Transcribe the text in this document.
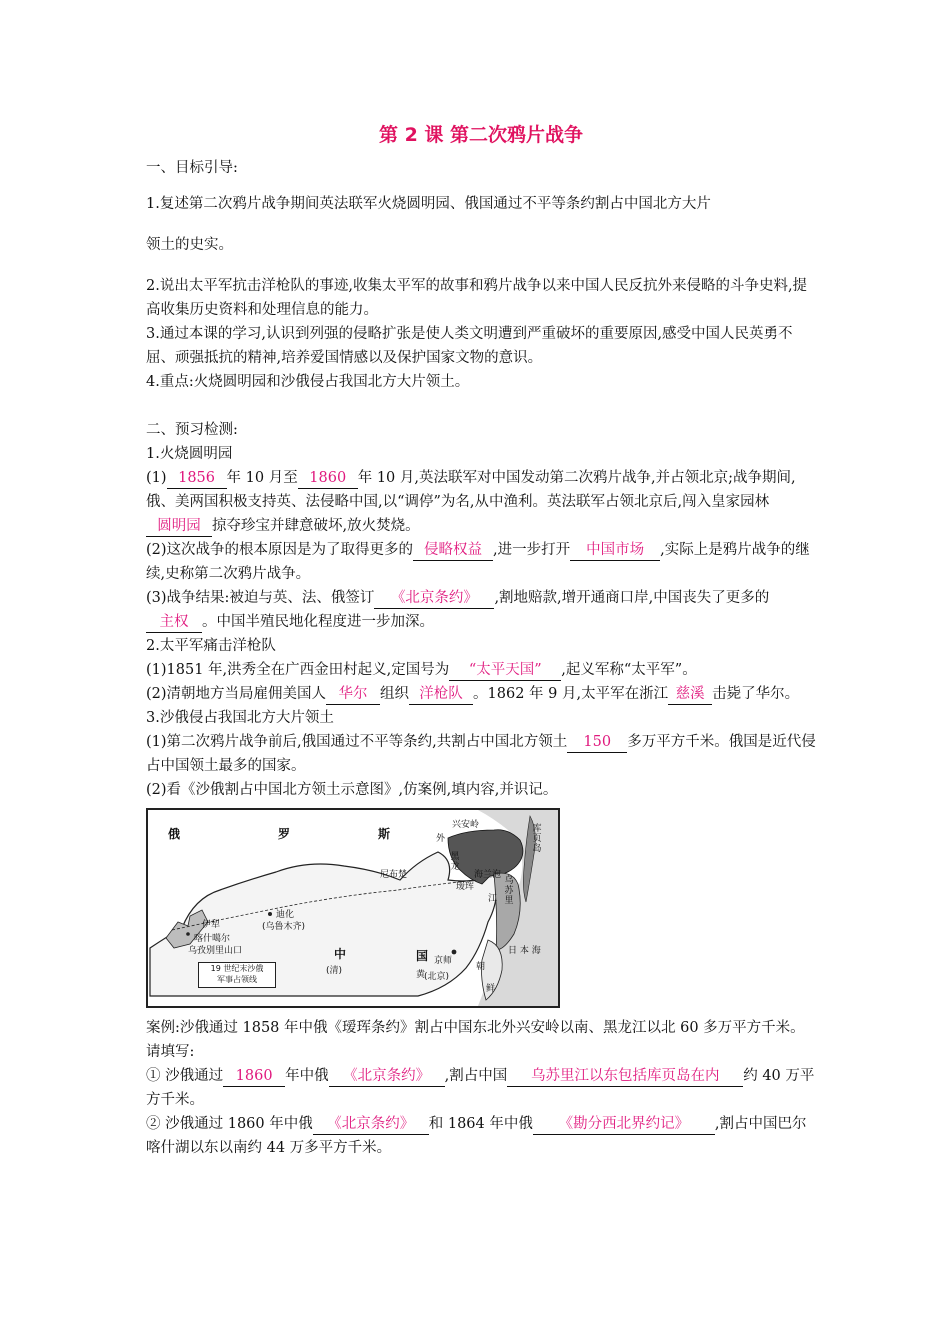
第 2 课 第二次鸦片战争

一、目标引导:

1.复述第二次鸦片战争期间英法联军火烧圆明园、俄国通过不平等条约割占中国北方大片

领土的史实。

2.说出太平军抗击洋枪队的事迹,收集太平军的故事和鸦片战争以来中国人民反抗外来侵略的斗争史料,提高收集历史资料和处理信息的能力。

3.通过本课的学习,认识到列强的侵略扩张是使人类文明遭到严重破坏的重要原因,感受中国人民英勇不屈、顽强抵抗的精神,培养爱国情感以及保护国家文物的意识。

4.重点:火烧圆明园和沙俄侵占我国北方大片领土。

二、预习检测:

1.火烧圆明园

(1) 1856 年 10 月至 1860 年 10 月,英法联军对中国发动第二次鸦片战争,并占领北京;战争期间,俄、美两国积极支持英、法侵略中国,以“调停”为名,从中渔利。英法联军占领北京后,闯入皇家园林圆明园 掠夺珍宝并肆意破坏,放火焚烧。

(2)这次战争的根本原因是为了取得更多的 侵略权益 ,进一步打开 中国市场 ,实际上是鸦片战争的继续,史称第二次鸦片战争。

(3)战争结果:被迫与英、法、俄签订 《北京条约》 ,割地赔款,增开通商口岸,中国丧失了更多的主权 。中国半殖民地化程度进一步加深。

2.太平军痛击洋枪队

(1)1851 年,洪秀全在广西金田村起义,定国号为 “太平天国” ,起义军称“太平军”。

(2)清朝地方当局雇佣美国人 华尔 组织 洋枪队 。1862 年 9 月,太平军在浙江 慈溪 击毙了华尔。

3.沙俄侵占我国北方大片领土

(1)第二次鸦片战争前后,俄国通过不平等条约,共割占中国北方领土 150 多万平方千米。俄国是近代侵占中国领土最多的国家。

(2)看《沙俄割占中国北方领土示意图》,仿案例,填内容,并识记。

俄	罗	斯	库页岛
兴安岭
外
黑龙
瑷珲
海兰泡
乌苏里
江
尼布楚
伊犁
喀什噶尔
乌孜别里山口
迪化
(乌鲁木齐)
中	国
(清)
京师
黄
(北京)
日 本 海
朝
鲜
19 世纪末沙俄
军事占领线

案例:沙俄通过 1858 年中俄《瑷珲条约》割占中国东北外兴安岭以南、黑龙江以北 60 多万平方千米。

请填写:

① 沙俄通过 1860 年中俄 《北京条约》 ,割占中国 乌苏里江以东包括库页岛在内 约 40 万平方千米。

② 沙俄通过 1860 年中俄 《北京条约》 和 1864 年中俄 《勘分西北界约记》 ,割占中国巴尔喀什湖以东以南约 44 万多平方千米。
